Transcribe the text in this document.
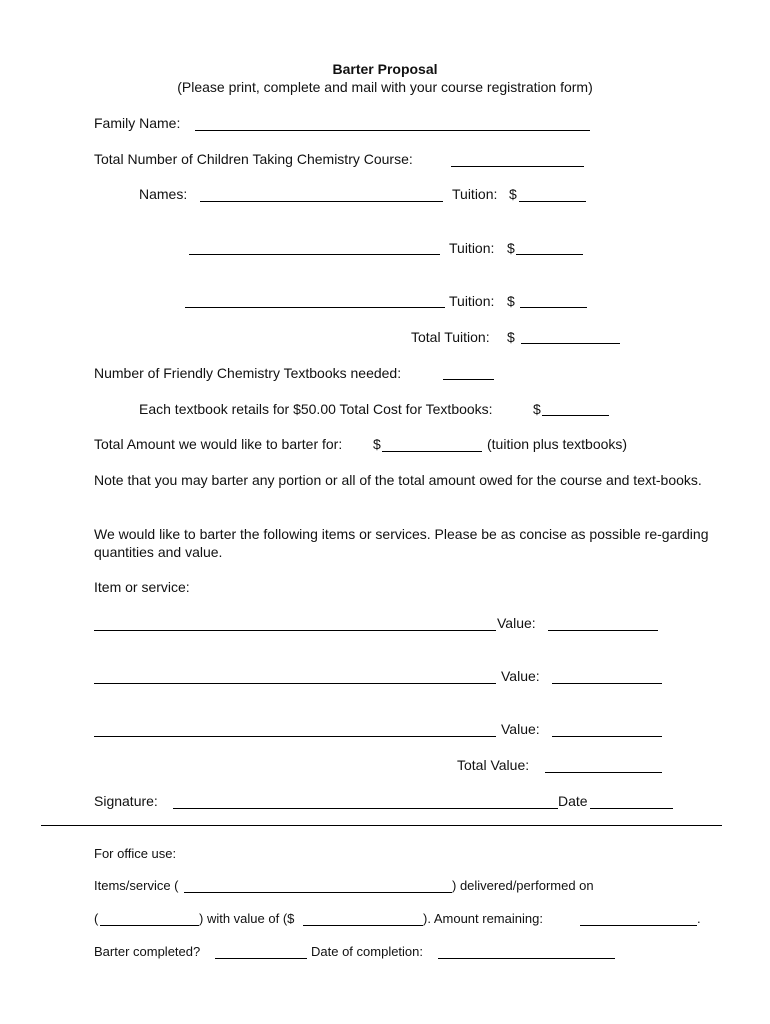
Barter Proposal
(Please print, complete and mail with your course registration form)
Family Name:
Total Number of Children Taking Chemistry Course:
Names:	Tuition: $
Tuition: $
Tuition: $
Total Tuition: $
Number of Friendly Chemistry Textbooks needed:
Each textbook retails for $50.00 Total Cost for Textbooks:	$
Total Amount we would like to barter for: $	(tuition plus textbooks)
Note that you may barter any portion or all of the total amount owed for the course and text-books.
We would like to barter the following items or services. Please be as concise as possible re-garding quantities and value.
Item or service:
Value:
Value:
Value:
Total Value:
Signature:	Date
For office use:
Items/service (	) delivered/performed on
(	) with value of ($	). Amount remaining:	.
Barter completed?	Date of completion:
